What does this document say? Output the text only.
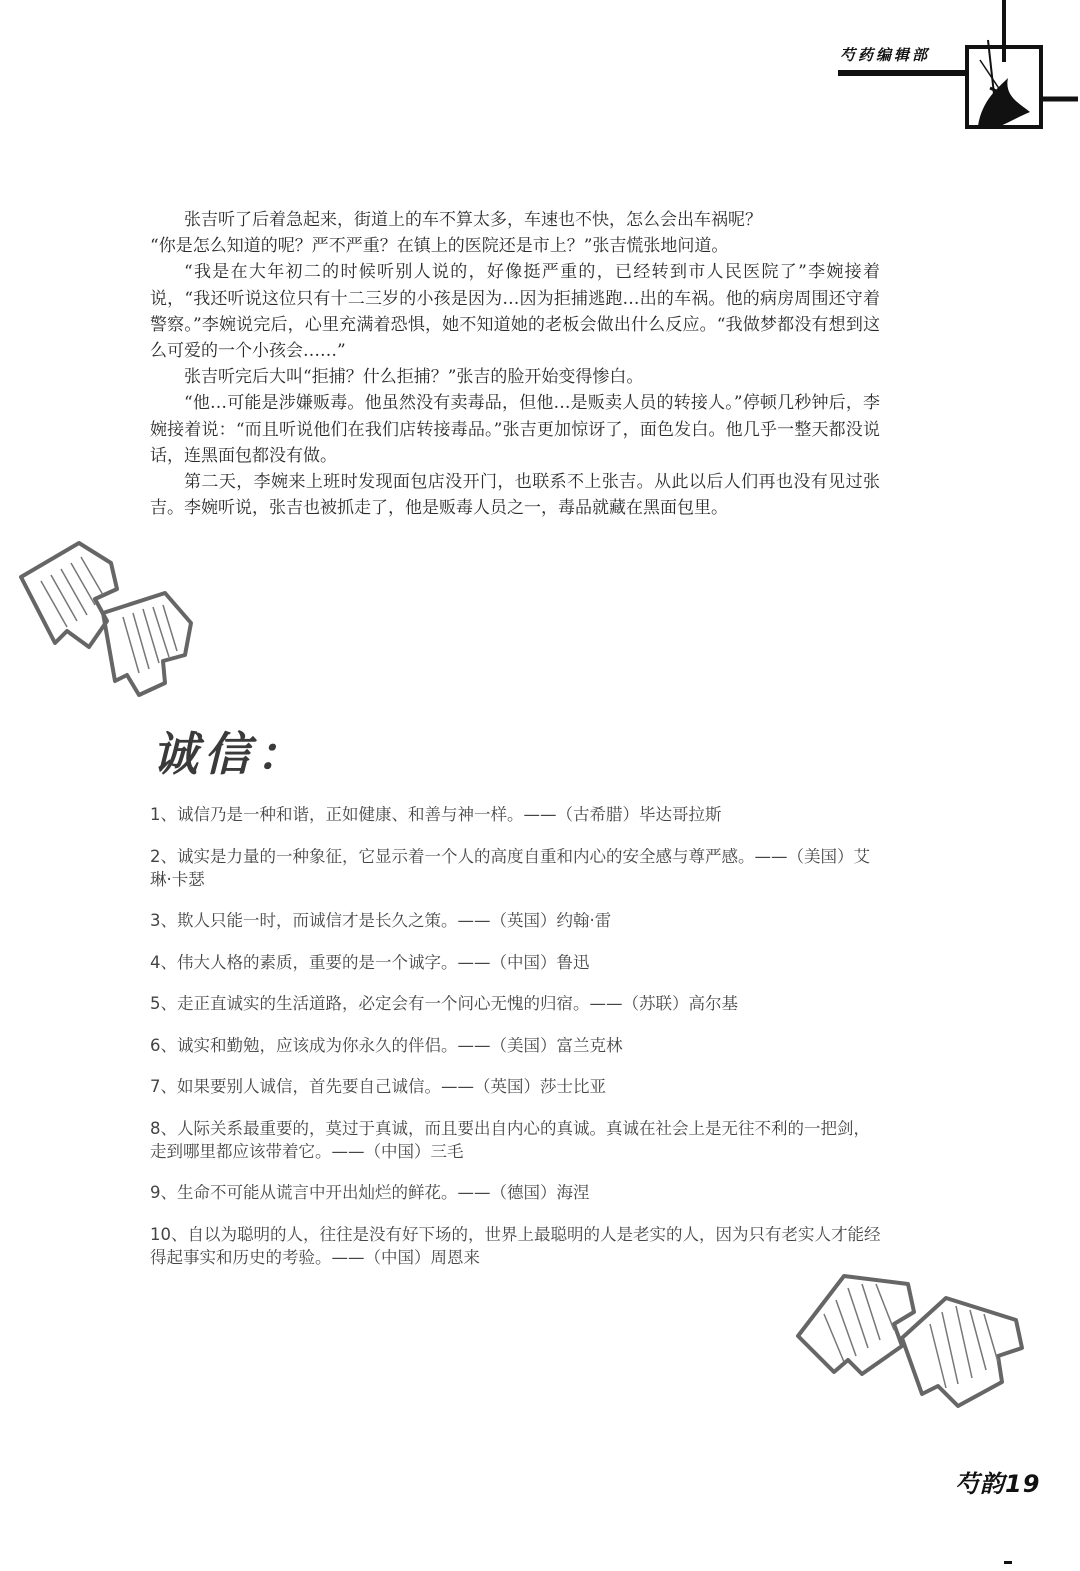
芍药编辑部

张吉听了后着急起来，街道上的车不算太多，车速也不快，怎么会出车祸呢？

“你是怎么知道的呢？严不严重？在镇上的医院还是市上？”张吉慌张地问道。

“我是在大年初二的时候听别人说的，好像挺严重的，已经转到市人民医院了”李婉接着说，“我还听说这位只有十二三岁的小孩是因为…因为拒捕逃跑…出的车祸。他的病房周围还守着警察。”李婉说完后，心里充满着恐惧，她不知道她的老板会做出什么反应。“我做梦都没有想到这么可爱的一个小孩会……”

张吉听完后大叫“拒捕？什么拒捕？”张吉的脸开始变得惨白。

“他…可能是涉嫌贩毒。他虽然没有卖毒品，但他…是贩卖人员的转接人。”停顿几秒钟后，李婉接着说：“而且听说他们在我们店转接毒品。”张吉更加惊讶了，面色发白。他几乎一整天都没说话，连黑面包都没有做。

第二天，李婉来上班时发现面包店没开门，也联系不上张吉。从此以后人们再也没有见过张吉。李婉听说，张吉也被抓走了，他是贩毒人员之一，毒品就藏在黑面包里。

诚信：

1、诚信乃是一种和谐，正如健康、和善与神一样。——（古希腊）毕达哥拉斯

2、诚实是力量的一种象征，它显示着一个人的高度自重和内心的安全感与尊严感。——（美国）艾琳·卡瑟

3、欺人只能一时，而诚信才是长久之策。——（英国）约翰·雷

4、伟大人格的素质，重要的是一个诚字。——（中国）鲁迅

5、走正直诚实的生活道路，必定会有一个问心无愧的归宿。——（苏联）高尔基

6、诚实和勤勉，应该成为你永久的伴侣。——（美国）富兰克林

7、如果要别人诚信，首先要自己诚信。——（英国）莎士比亚

8、人际关系最重要的，莫过于真诚，而且要出自内心的真诚。真诚在社会上是无往不利的一把剑，走到哪里都应该带着它。——（中国）三毛

9、生命不可能从谎言中开出灿烂的鲜花。——（德国）海涅

10、自以为聪明的人，往往是没有好下场的，世界上最聪明的人是老实的人，因为只有老实人才能经得起事实和历史的考验。——（中国）周恩来

芍韵19
